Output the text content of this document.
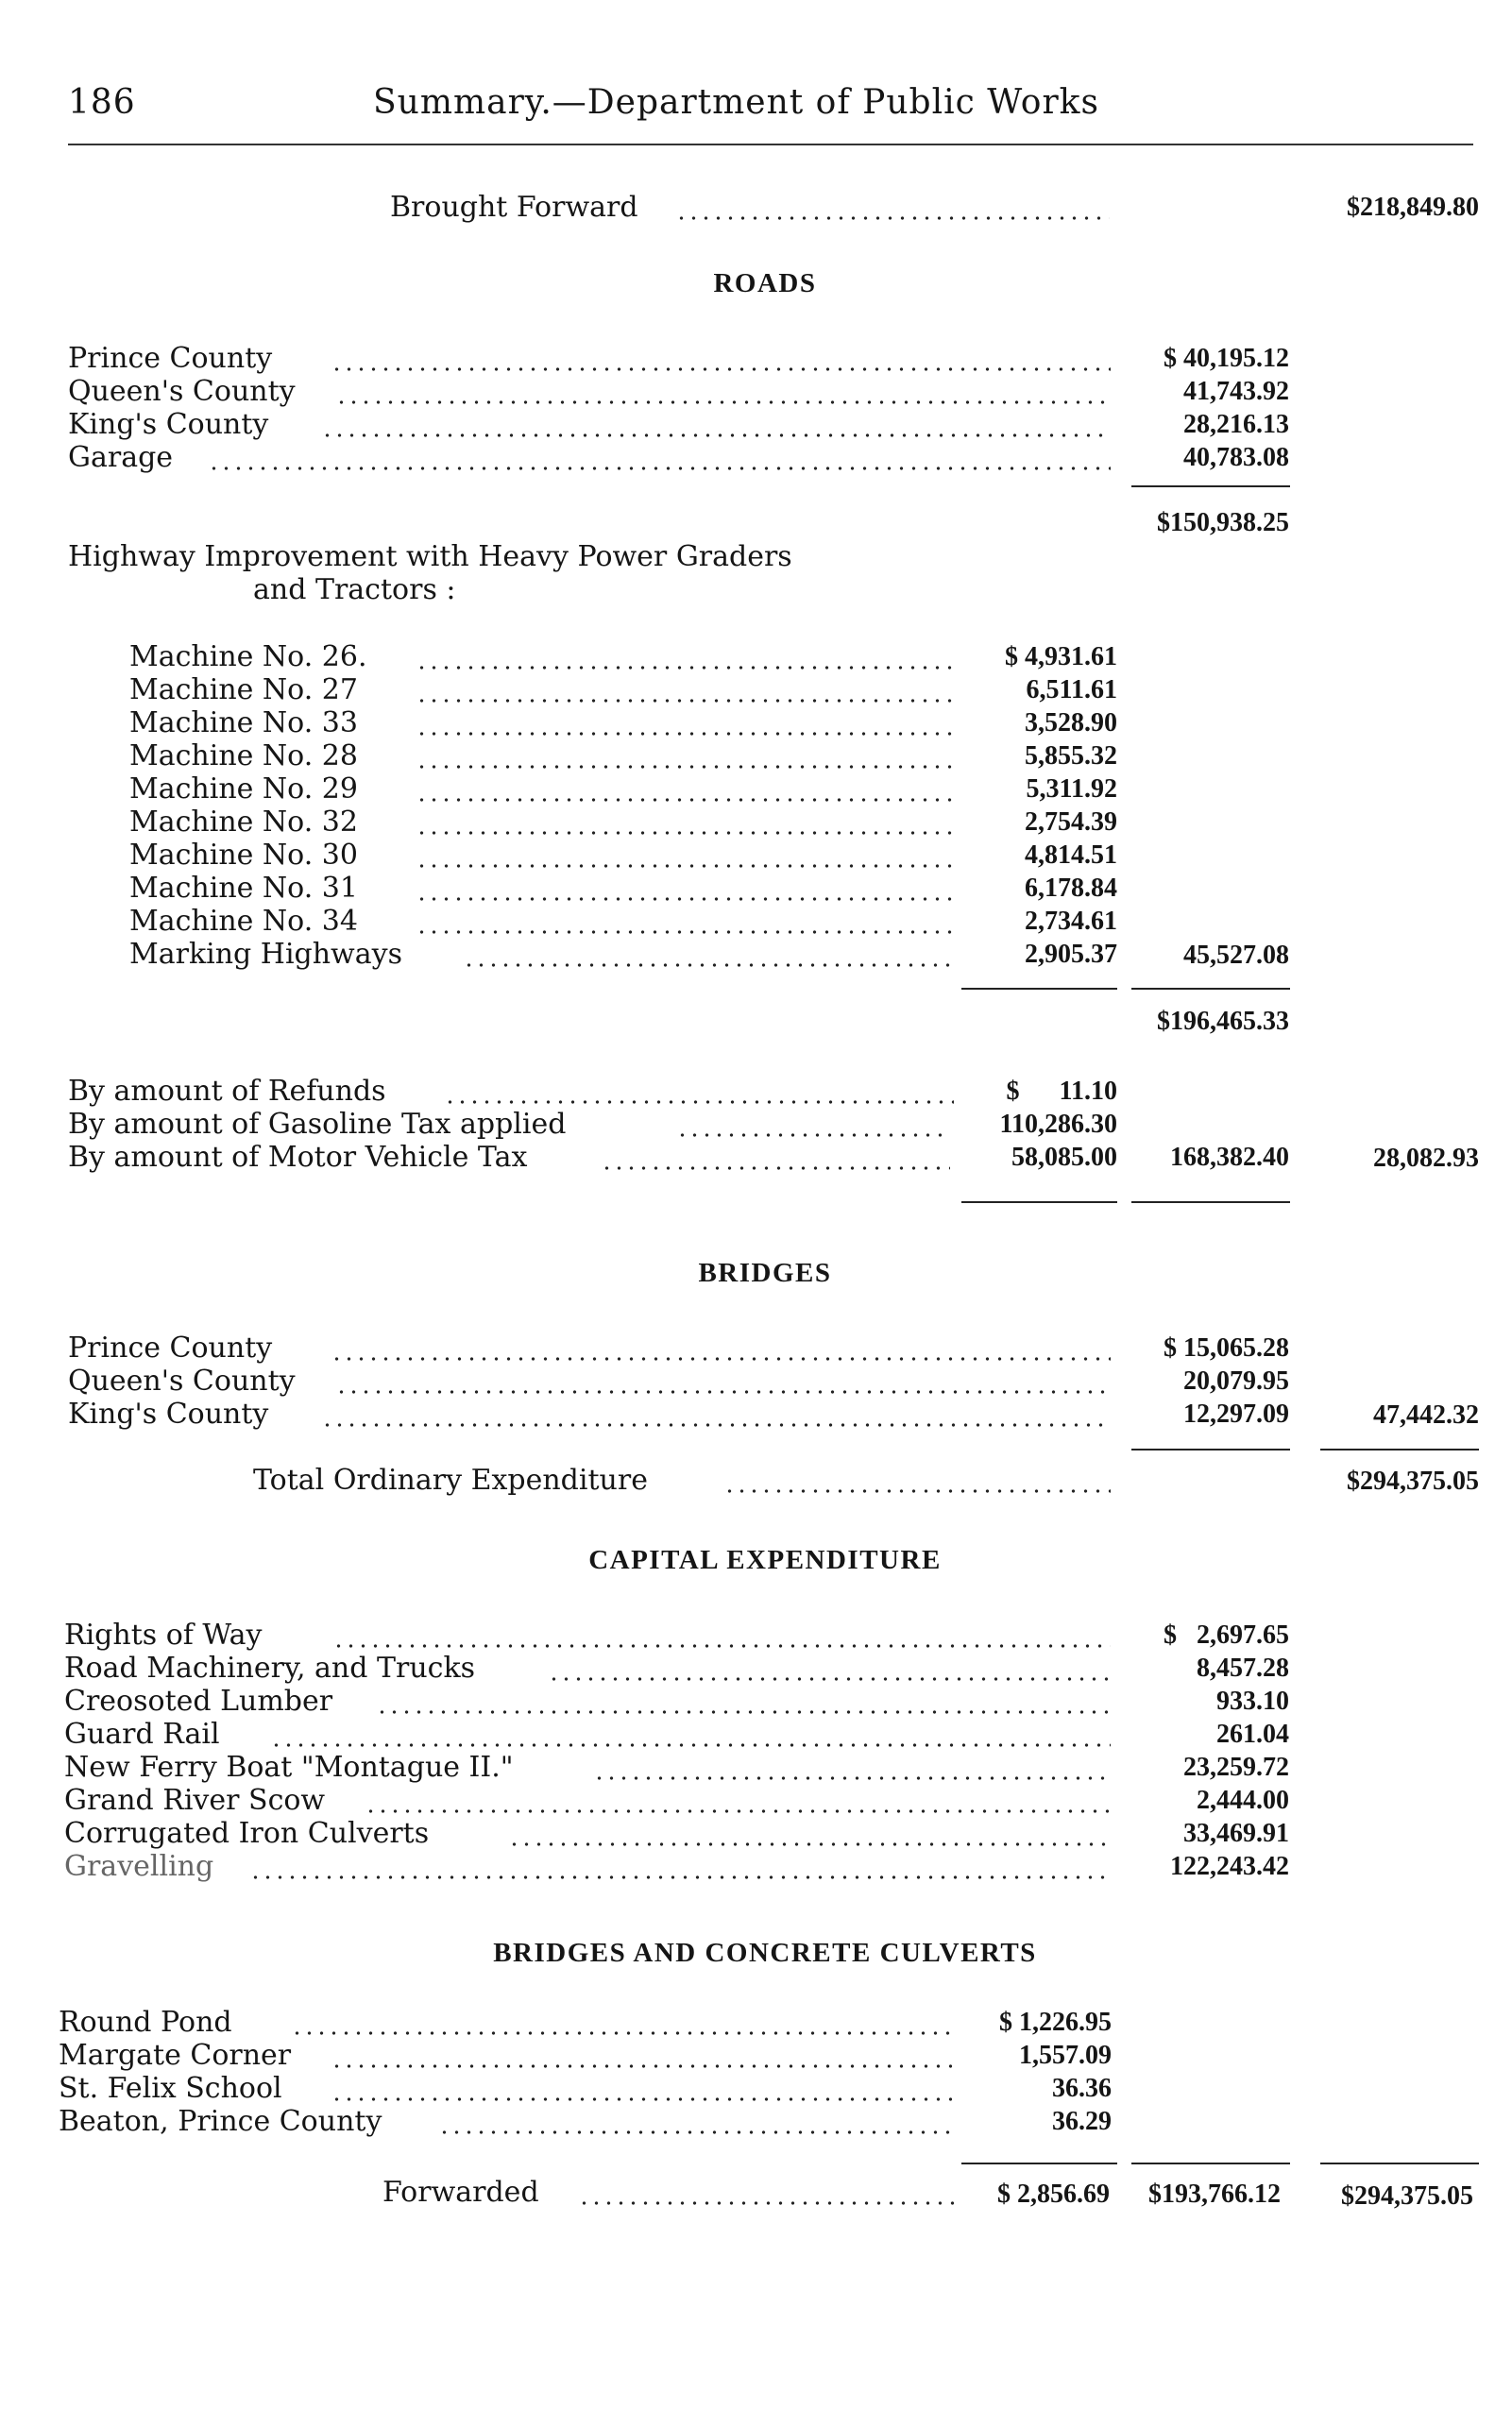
186	Summary.—Department of Public Works
Brought Forward	$218,849.80
ROADS
Prince County	$ 40,195.12
Queen's County	41,743.92
King's County	28,216.13
Garage	40,783.08
$150,938.25
Highway Improvement with Heavy Power Graders
and Tractors :
Machine No. 26.	$ 4,931.61
Machine No. 27	6,511.61
Machine No. 33	3,528.90
Machine No. 28	5,855.32
Machine No. 29	5,311.92
Machine No. 32	2,754.39
Machine No. 30	4,814.51
Machine No. 31	6,178.84
Machine No. 34	2,734.61
Marking Highways	2,905.37	45,527.08
$196,465.33
By amount of Refunds	$      11.10
By amount of Gasoline Tax applied	110,286.30
By amount of Motor Vehicle Tax	58,085.00 168,382.40	28,082.93
BRIDGES
Prince County	$ 15,065.28
Queen's County	20,079.95
King's County	12,297.09	47,442.32
Total Ordinary Expenditure	$294,375.05
CAPITAL EXPENDITURE
Rights of Way	$   2,697.65
Road Machinery, and Trucks	8,457.28
Creosoted Lumber	933.10
Guard Rail	261.04
New Ferry Boat "Montague II."	23,259.72
Grand River Scow	2,444.00
Corrugated Iron Culverts	33,469.91
Gravelling	122,243.42
BRIDGES AND CONCRETE CULVERTS
Round Pond	$ 1,226.95
Margate Corner	1,557.09
St. Felix School	36.36
Beaton, Prince County	36.29
Forwarded	$ 2,856.69 $193,766.12 $294,375.05
